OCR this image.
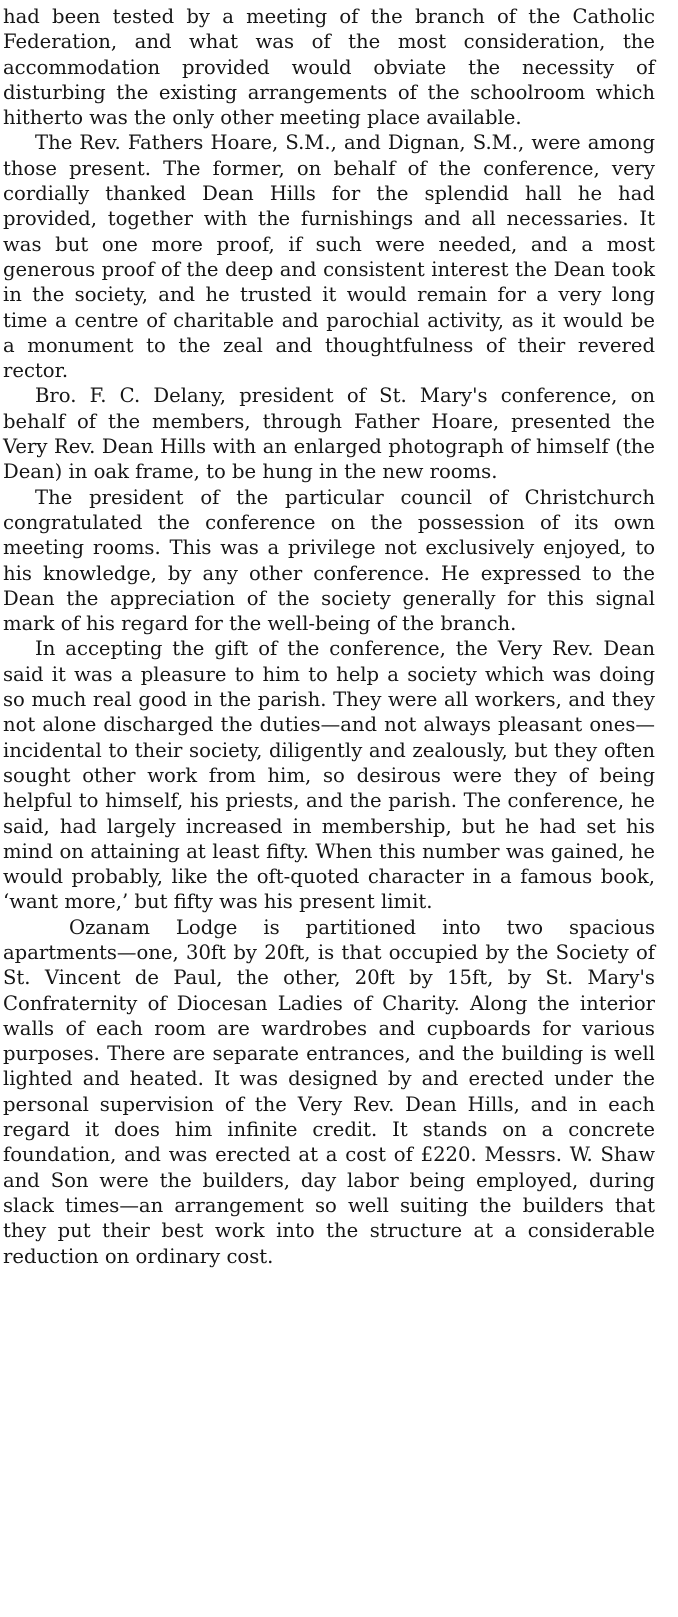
had been tested by a meeting of the branch of the Catholic Federation, and what was of the most consideration, the accommodation provided would obviate the necessity of disturbing the existing arrangements of the schoolroom which hitherto was the only other meeting place available.

The Rev. Fathers Hoare, S.M., and Dignan, S.M., were among those present. The former, on behalf of the conference, very cordially thanked Dean Hills for the splendid hall he had provided, together with the furnishings and all necessaries. It was but one more proof, if such were needed, and a most generous proof of the deep and consistent interest the Dean took in the society, and he trusted it would remain for a very long time a centre of charitable and parochial activity, as it would be a monument to the zeal and thoughtfulness of their revered rector.

Bro. F. C. Delany, president of St. Mary's conference, on behalf of the members, through Father Hoare, presented the Very Rev. Dean Hills with an enlarged photograph of himself (the Dean) in oak frame, to be hung in the new rooms.

The president of the particular council of Christchurch congratulated the conference on the possession of its own meeting rooms. This was a privilege not exclusively enjoyed, to his knowledge, by any other conference. He expressed to the Dean the appreciation of the society generally for this signal mark of his regard for the well-being of the branch.

In accepting the gift of the conference, the Very Rev. Dean said it was a pleasure to him to help a society which was doing so much real good in the parish. They were all workers, and they not alone discharged the duties—and not always pleasant ones—incidental to their society, diligently and zealously, but they often sought other work from him, so desirous were they of being helpful to himself, his priests, and the parish. The conference, he said, had largely increased in membership, but he had set his mind on attaining at least fifty. When this number was gained, he would probably, like the oft-quoted character in a famous book, ‘want more,’ but fifty was his present limit.

Ozanam Lodge is partitioned into two spacious apartments—one, 30ft by 20ft, is that occupied by the Society of St. Vincent de Paul, the other, 20ft by 15ft, by St. Mary's Confraternity of Diocesan Ladies of Charity. Along the interior walls of each room are wardrobes and cupboards for various purposes. There are separate entrances, and the building is well lighted and heated. It was designed by and erected under the personal supervision of the Very Rev. Dean Hills, and in each regard it does him infinite credit. It stands on a concrete foundation, and was erected at a cost of £220. Messrs. W. Shaw and Son were the builders, day labor being employed, during slack times—an arrangement so well suiting the builders that they put their best work into the structure at a considerable reduction on ordinary cost.
